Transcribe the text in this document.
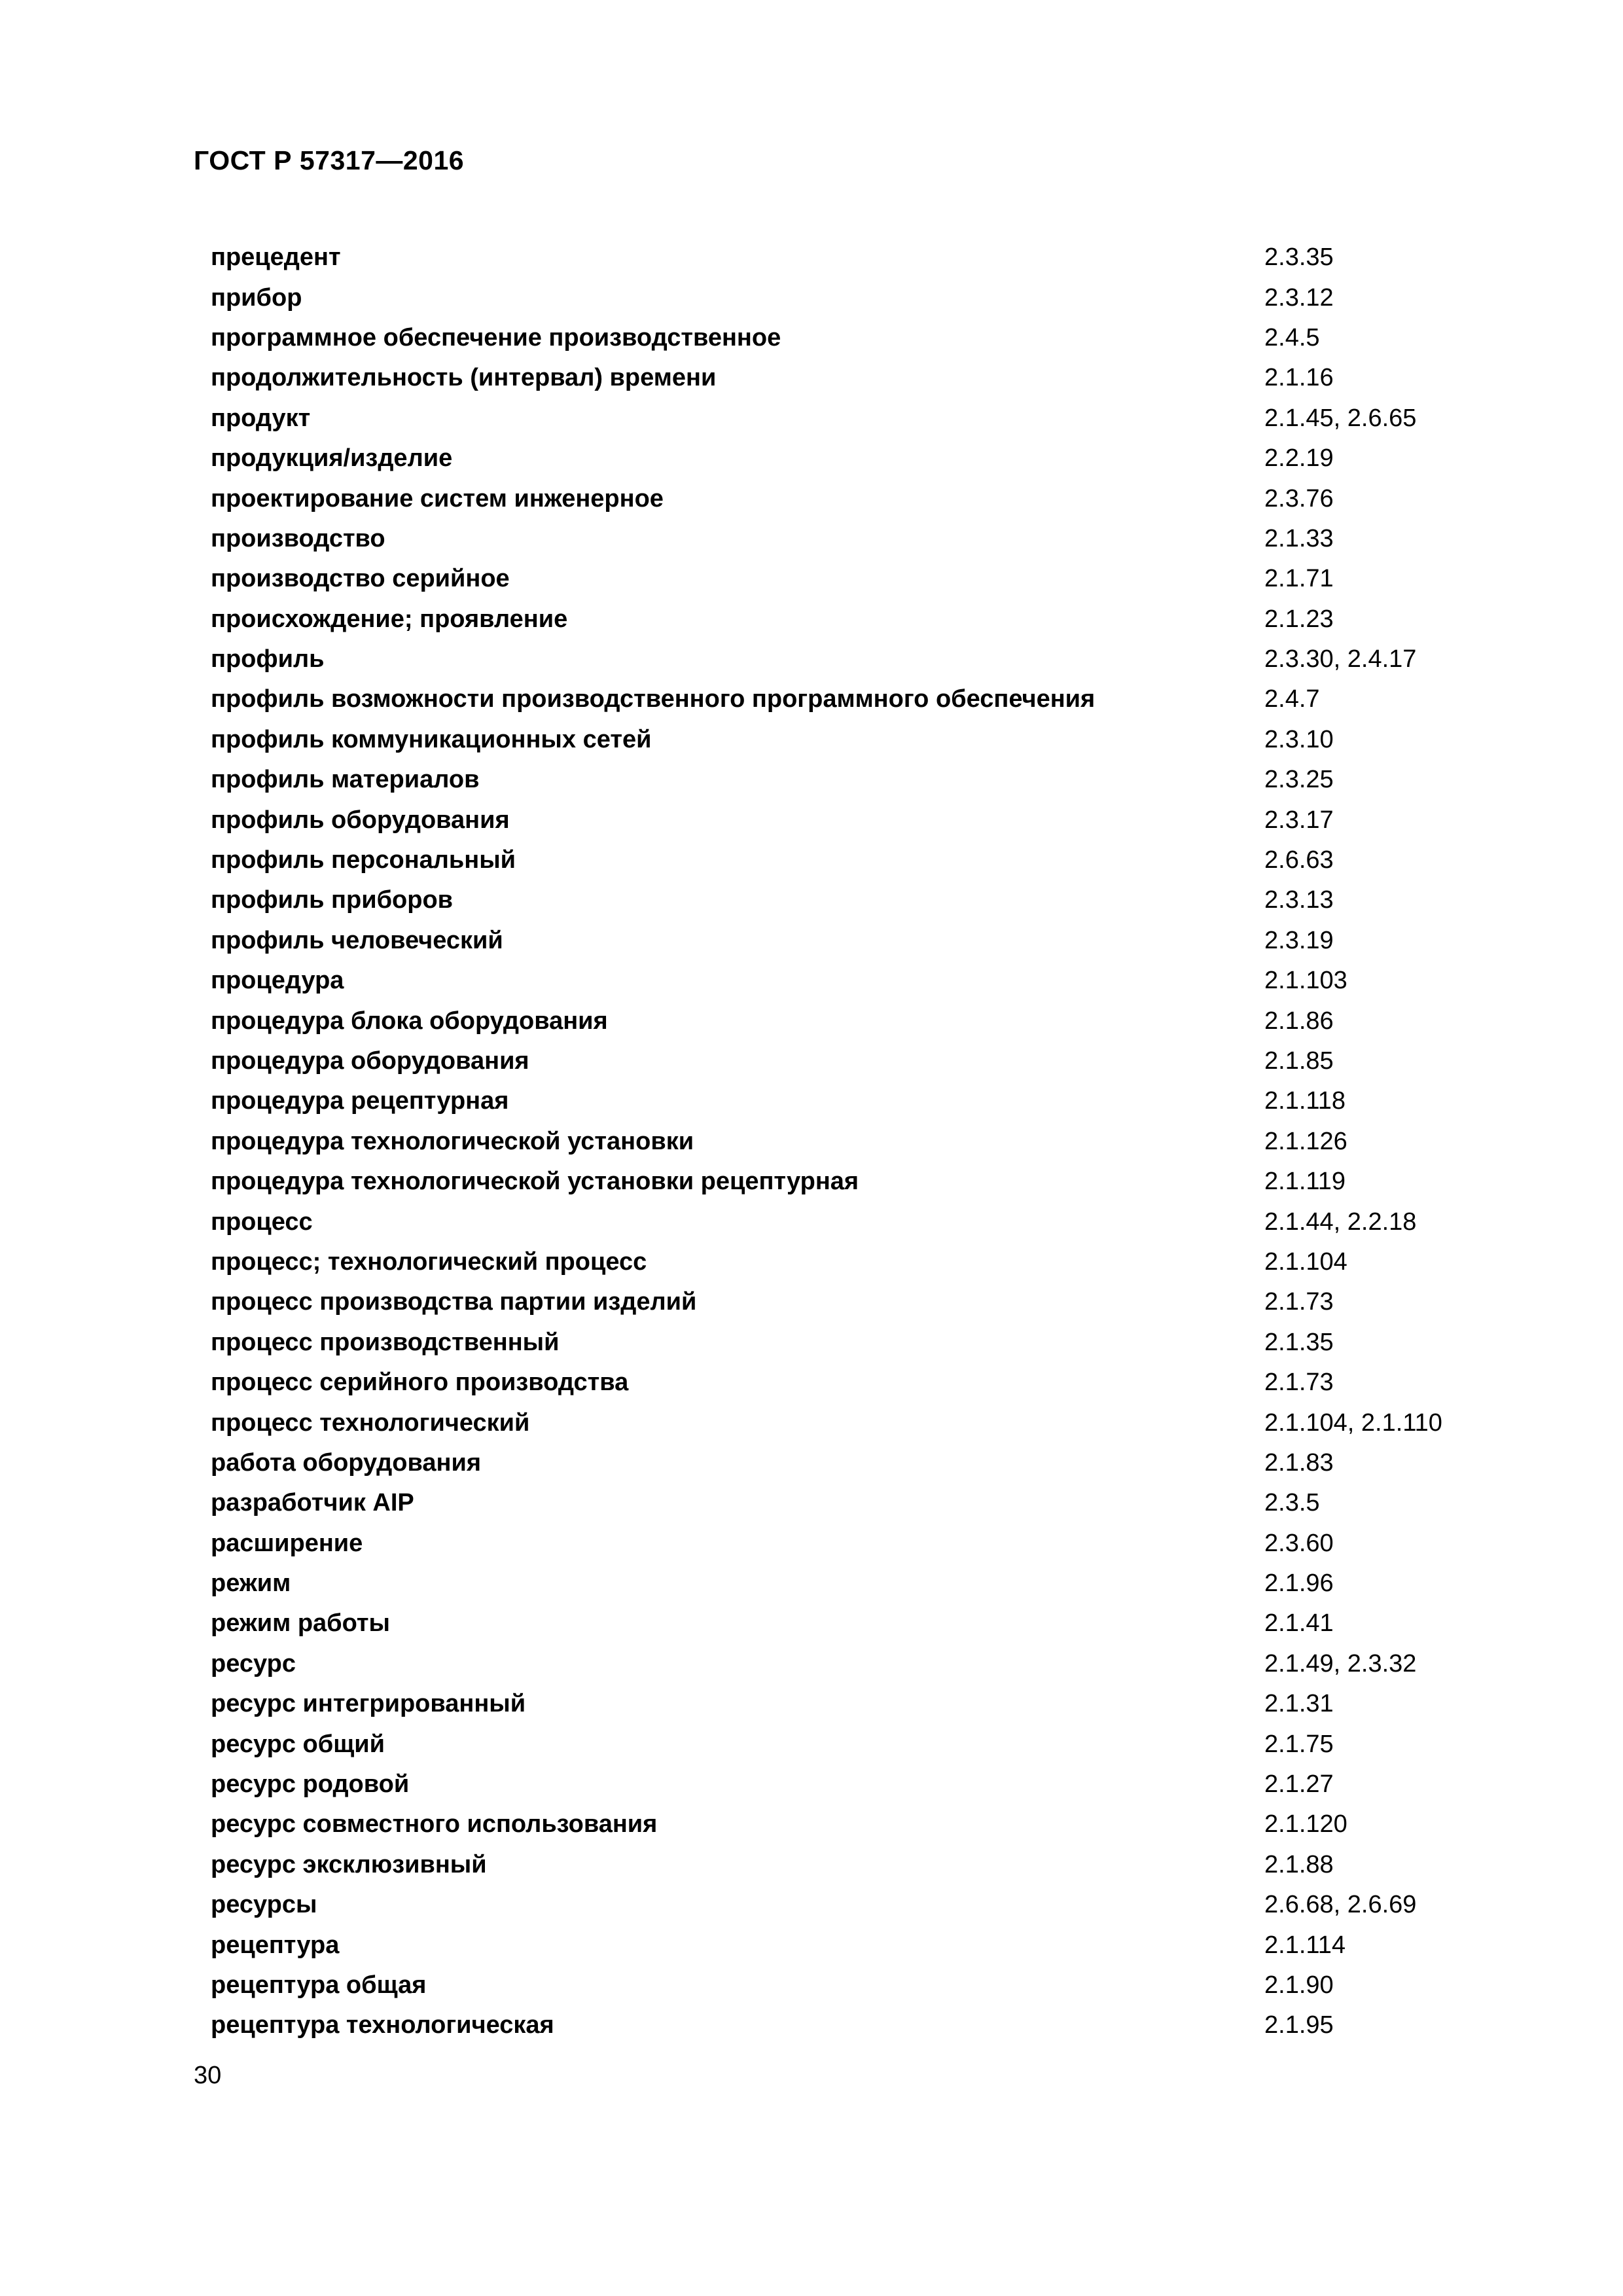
ГОСТ Р 57317—2016
прецедент	2.3.35
прибор	2.3.12
программное обеспечение производственное	2.4.5
продолжительность (интервал) времени	2.1.16
продукт	2.1.45, 2.6.65
продукция/изделие	2.2.19
проектирование систем инженерное	2.3.76
производство	2.1.33
производство серийное	2.1.71
происхождение; проявление	2.1.23
профиль	2.3.30, 2.4.17
профиль возможности производственного программного обеспечения	2.4.7
профиль коммуникационных сетей	2.3.10
профиль материалов	2.3.25
профиль оборудования	2.3.17
профиль персональный	2.6.63
профиль приборов	2.3.13
профиль человеческий	2.3.19
процедура	2.1.103
процедура блока оборудования	2.1.86
процедура оборудования	2.1.85
процедура рецептурная	2.1.118
процедура технологической установки	2.1.126
процедура технологической установки рецептурная	2.1.119
процесс	2.1.44, 2.2.18
процесс; технологический процесс	2.1.104
процесс производства партии изделий	2.1.73
процесс производственный	2.1.35
процесс серийного производства	2.1.73
процесс технологический	2.1.104, 2.1.110
работа оборудования	2.1.83
разработчик AIP	2.3.5
расширение	2.3.60
режим	2.1.96
режим работы	2.1.41
ресурс	2.1.49, 2.3.32
ресурс интегрированный	2.1.31
ресурс общий	2.1.75
ресурс родовой	2.1.27
ресурс совместного использования	2.1.120
ресурс эксклюзивный	2.1.88
ресурсы	2.6.68, 2.6.69
рецептура	2.1.114
рецептура общая	2.1.90
рецептура технологическая	2.1.95
30
